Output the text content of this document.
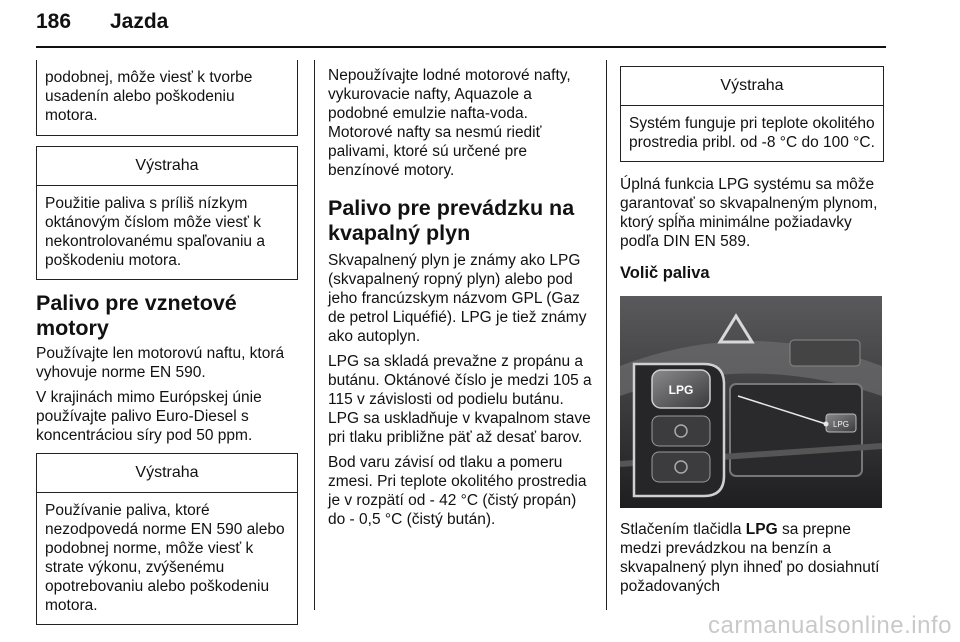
186 Jazda
podobnej, môže viesť k tvorbe usadenín alebo poškodeniu motora.
Výstraha
Použitie paliva s príliš nízkym oktánovým číslom môže viesť k nekontrolovanému spaľovaniu a poškodeniu motora.
Palivo pre vznetové motory

Používajte len motorovú naftu, ktorá vyhovuje norme EN 590.

V krajinách mimo Európskej únie používajte palivo Euro-Diesel s koncentráciou síry pod 50 ppm.

Výstraha
Používanie paliva, ktoré nezodpovedá norme EN 590 alebo podobnej norme, môže viesť k strate výkonu, zvýšenému opotrebovaniu alebo poškodeniu motora.

Nepoužívajte lodné motorové nafty, vykurovacie nafty, Aquazole a podobné emulzie nafta-voda. Motorové nafty sa nesmú riediť palivami, ktoré sú určené pre benzínové motory.

Palivo pre prevádzku na kvapalný plyn

Skvapalnený plyn je známy ako LPG (skvapalnený ropný plyn) alebo pod jeho francúzskym názvom GPL (Gaz de petrol Liquéfié). LPG je tiež známy ako autoplyn.

LPG sa skladá prevažne z propánu a butánu. Oktánové číslo je medzi 105 a 115 v závislosti od podielu butánu. LPG sa uskladňuje v kvapalnom stave pri tlaku približne päť až desať barov.

Bod varu závisí od tlaku a pomeru zmesi. Pri teplote okolitého prostredia je v rozpätí od - 42 °C (čistý propán) do - 0,5 °C (čistý bután).

Výstraha
Systém funguje pri teplote okolitého prostredia pribl. od -8 °C do 100 °C.

Úplná funkcia LPG systému sa môže garantovať so skvapalneným plynom, ktorý spĺňa minimálne požiadavky podľa DIN EN 589.

Volič paliva
LPG
LPG

Stlačením tlačidla LPG sa prepne medzi prevádzkou na benzín a skvapalnený plyn ihneď po dosiahnutí požadovaných

carmanualsonline.info
